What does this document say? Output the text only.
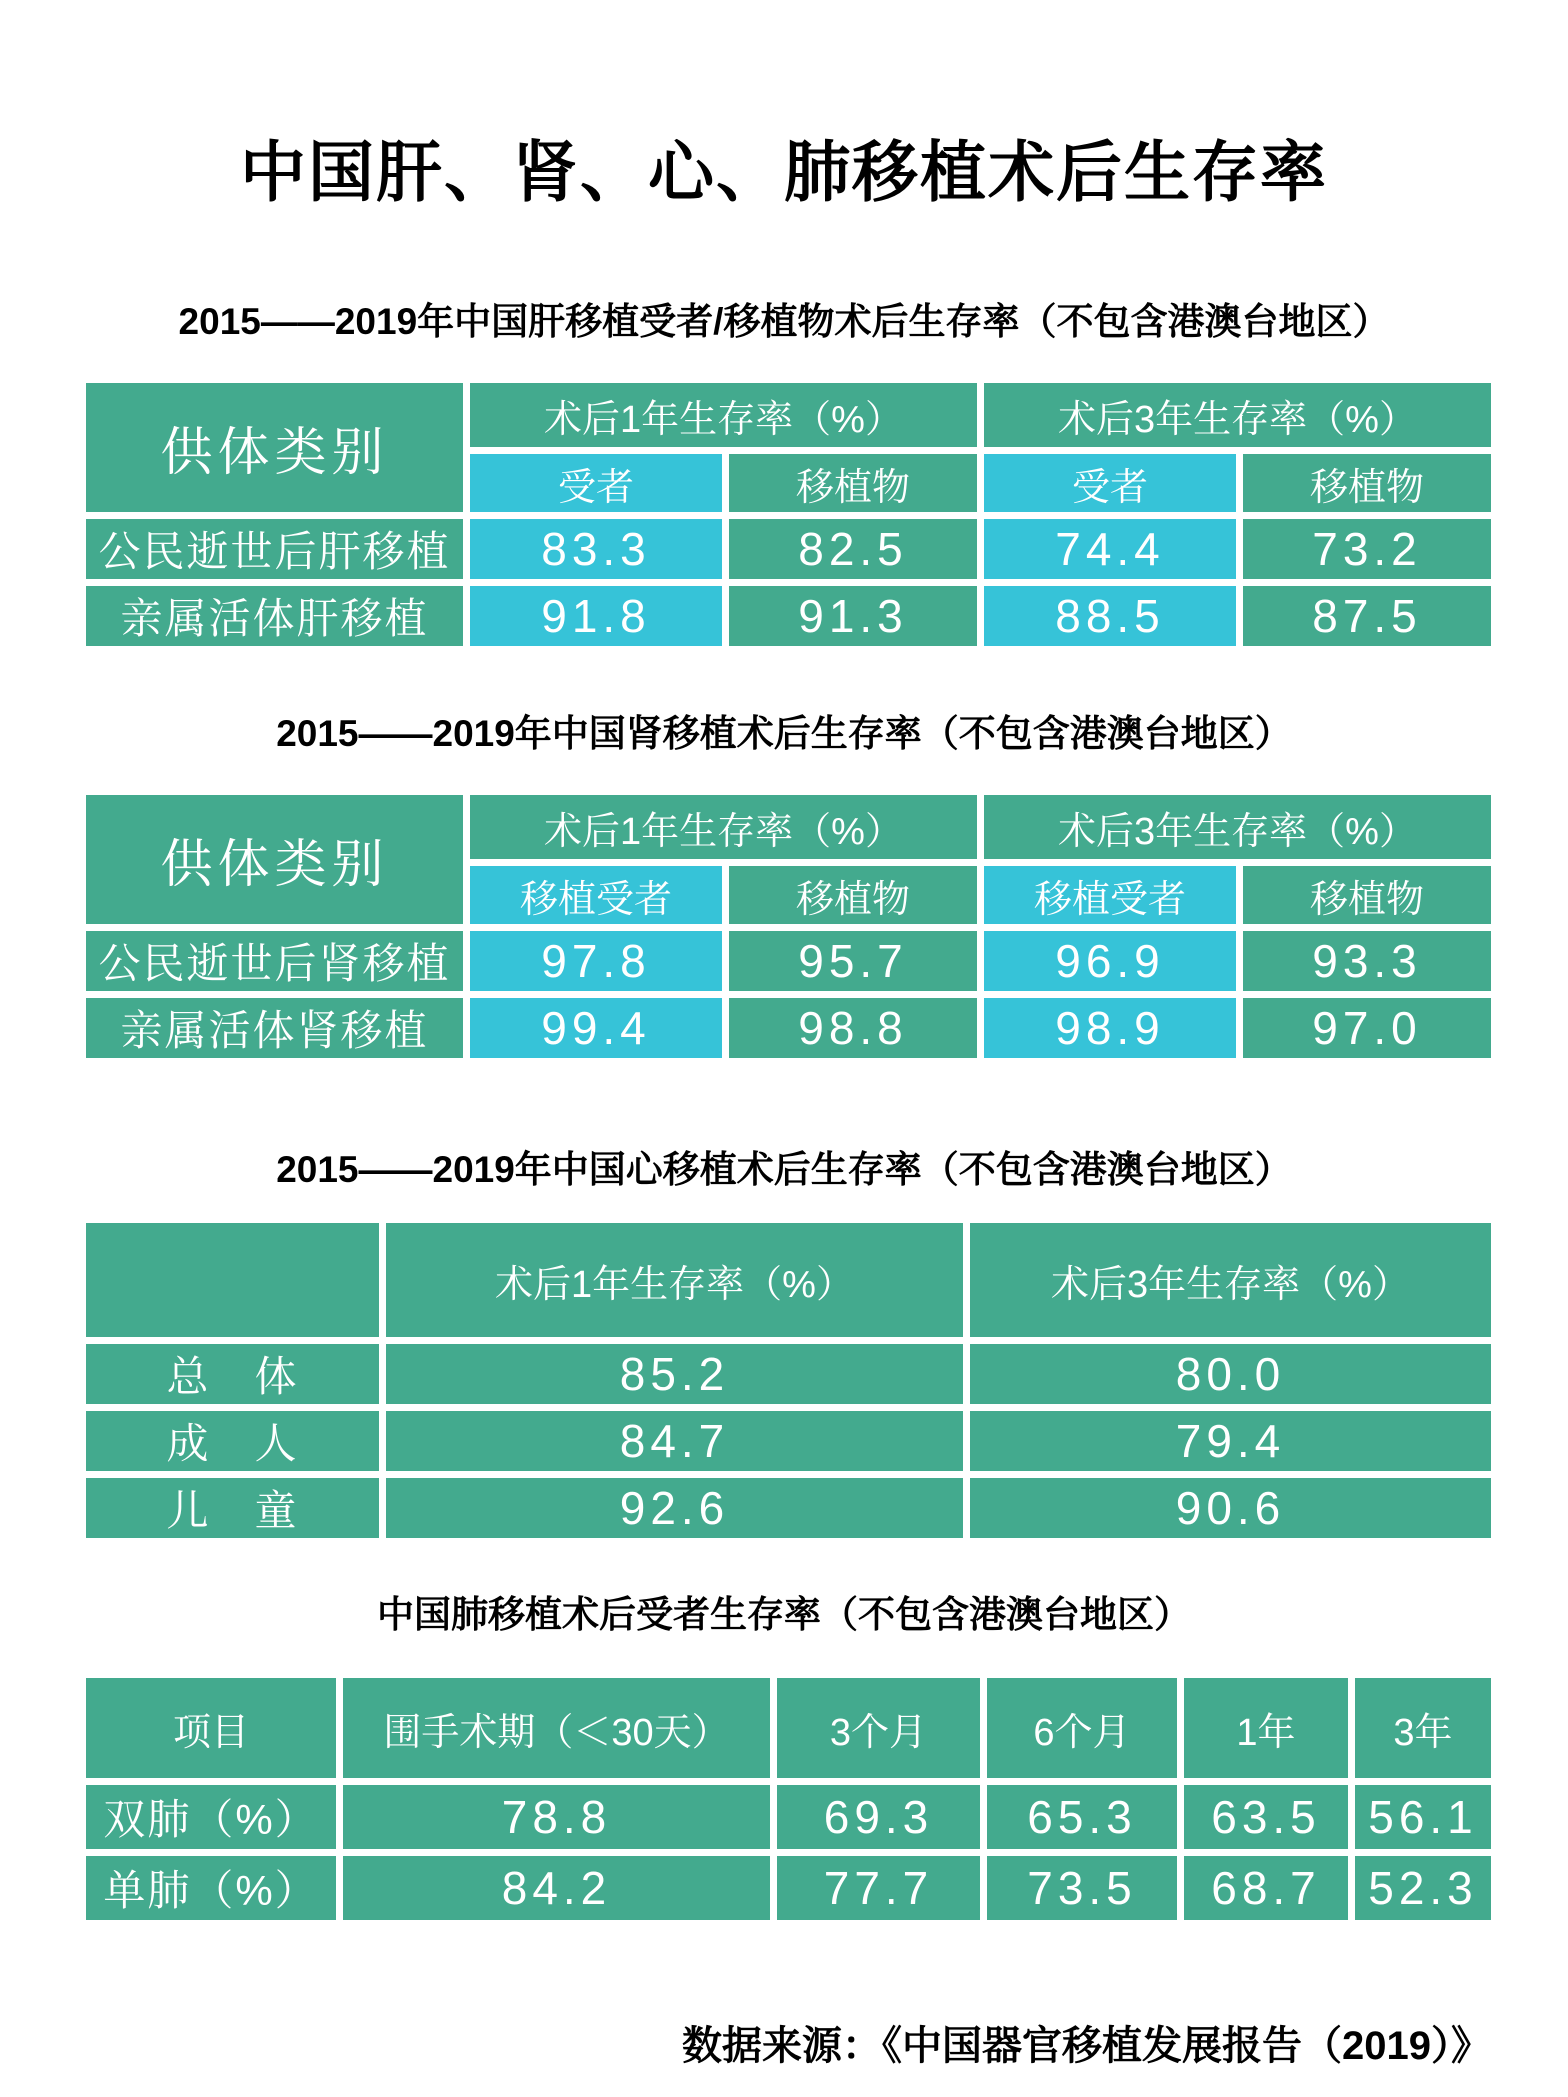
中国肝、肾、心、肺移植术后生存率
2015——2019年中国肝移植受者/移植物术后生存率（不包含港澳台地区）
供体类别	术后1年生存率（%）		术后3年生存率（%）	
	受者	移植物	受者	移植物
公民逝世后肝移植	83.3	82.5	74.4	73.2
亲属活体肝移植	91.8	91.3	88.5	87.5
2015——2019年中国肾移植术后生存率（不包含港澳台地区）
供体类别	术后1年生存率（%）		术后3年生存率（%）	
	移植受者	移植物	移植受者	移植物
公民逝世后肾移植	97.8	95.7	96.9	93.3
亲属活体肾移植	99.4	98.8	98.9	97.0
2015——2019年中国心移植术后生存率（不包含港澳台地区）
	术后1年生存率（%）	术后3年生存率（%）
总　体	85.2	80.0
成　人	84.7	79.4
儿　童	92.6	90.6
中国肺移植术后受者生存率（不包含港澳台地区）
项目	围手术期（＜30天）	3个月	6个月	1年	3年
双肺（%）	78.8	69.3	65.3	63.5	56.1
单肺（%）	84.2	77.7	73.5	68.7	52.3
数据来源：《中国器官移植发展报告（2019）》
